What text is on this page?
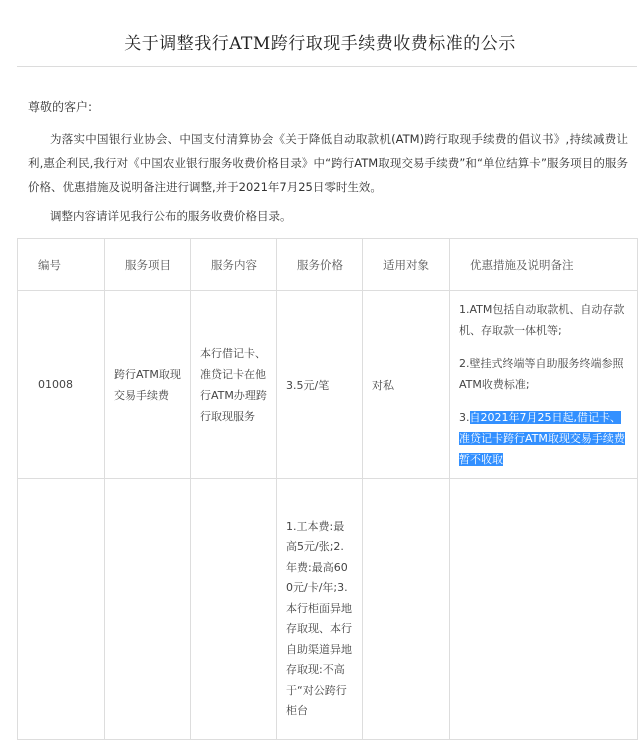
关于调整我行ATM跨行取现手续费收费标准的公示
尊敬的客户:
为落实中国银行业协会、中国支付清算协会《关于降低自动取款机(ATM)跨行取现手续费的倡议书》,持续减费让利,惠企利民,我行对《中国农业银行服务收费价格目录》中“跨行ATM取现交易手续费”和“单位结算卡”服务项目的服务价格、优惠措施及说明备注进行调整,并于2021年7月25日零时生效。
调整内容请详见我行公布的服务收费价格目录。
编号	服务项目	服务内容	服务价格	适用对象	优惠措施及说明备注
01008	跨行ATM取现交易手续费	本行借记卡、准贷记卡在他行ATM办理跨行取现服务	3.5元/笔	对私	1.ATM包括自动取款机、自动存款机、存取款一体机等;

2.壁挂式终端等自助服务终端参照ATM收费标准;

3.自2021年7月25日起,借记卡、准贷记卡跨行ATM取现交易手续费暂不收取

			1.工本费:最高5元/张;2.年费:最高600元/卡/年;3.本行柜面异地存取现、本行自助渠道异地存取现:不高于“对公跨行柜台		
